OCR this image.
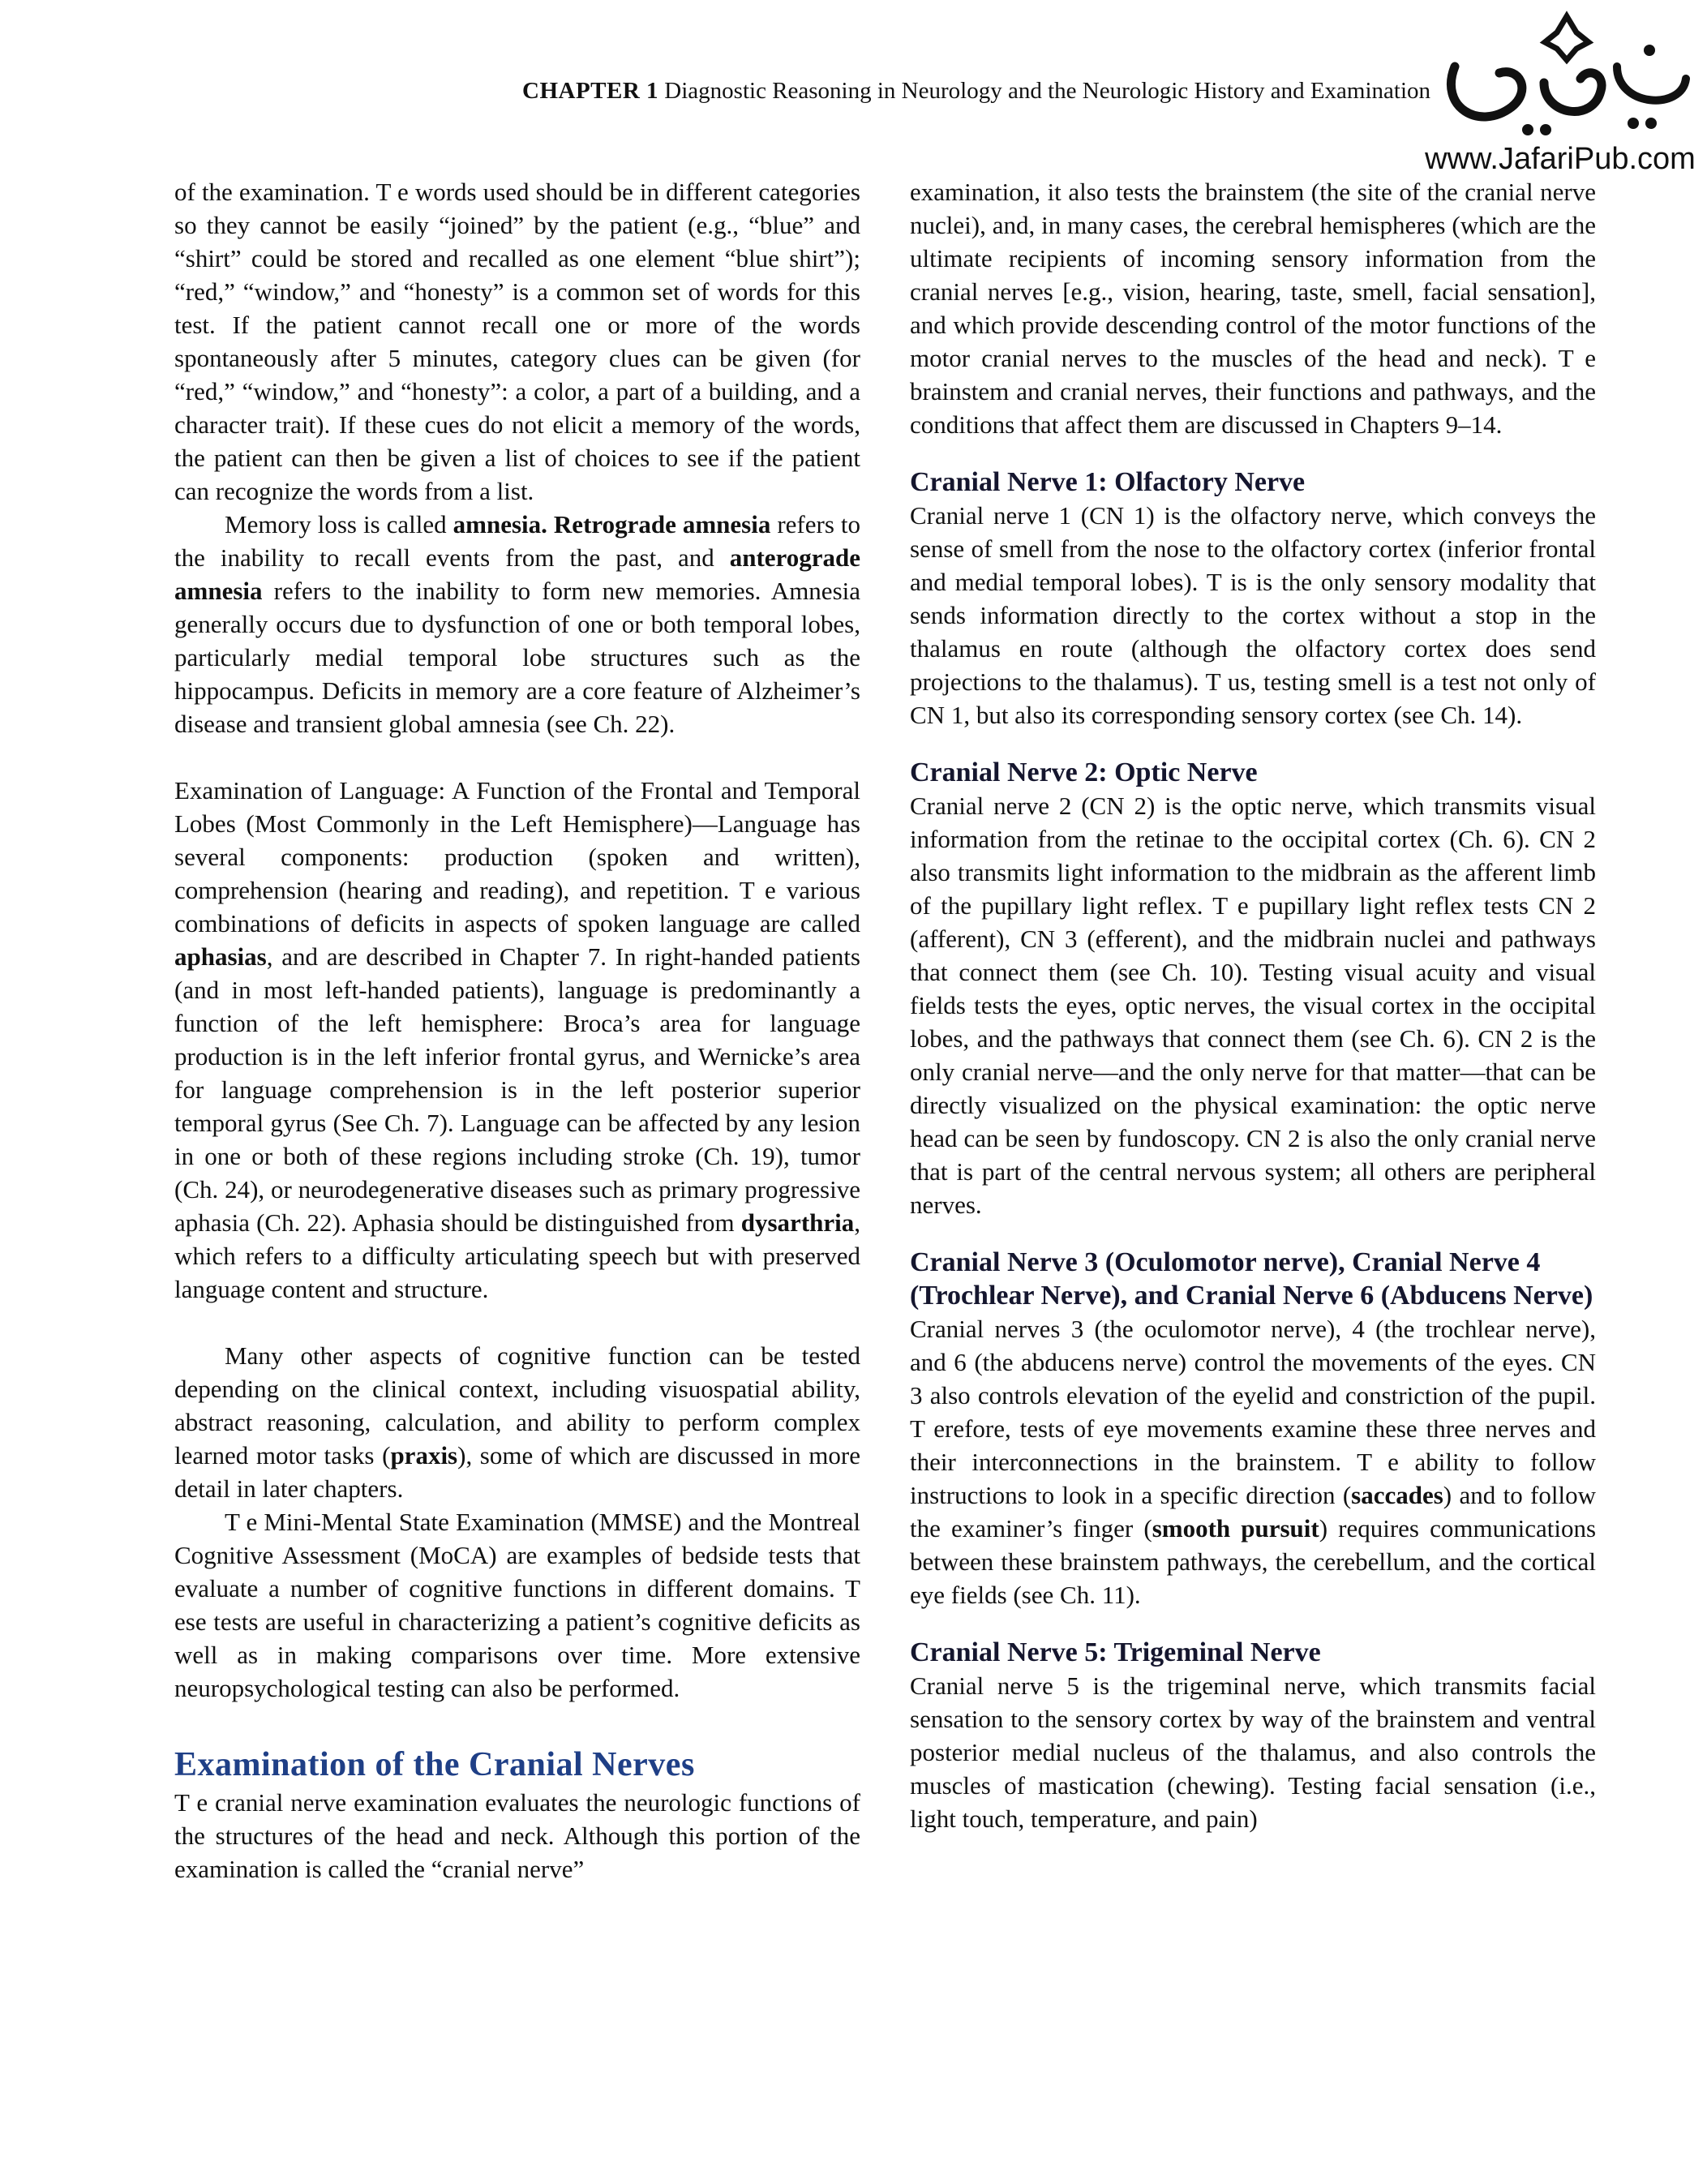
CHAPTER 1 Diagnostic Reasoning in Neurology and the Neurologic History and Examination
www.JafariPub.com

of the examination. T e words used should be in different categories so they cannot be easily “joined” by the patient (e.g., “blue” and “shirt” could be stored and recalled as one element “blue shirt”); “red,” “window,” and “honesty” is a common set of words for this test. If the patient cannot recall one or more of the words spontaneously after 5 minutes, category clues can be given (for “red,” “window,” and “honesty”: a color, a part of a building, and a character trait). If these cues do not elicit a memory of the words, the patient can then be given a list of choices to see if the patient can recognize the words from a list.

Memory loss is called amnesia. Retrograde amnesia refers to the inability to recall events from the past, and anterograde amnesia refers to the inability to form new memories. Amnesia generally occurs due to dysfunction of one or both temporal lobes, particularly medial temporal lobe structures such as the hippocampus. Deficits in memory are a core feature of Alzheimer’s disease and transient global amnesia (see Ch. 22).

Examination of Language: A Function of the Frontal and Temporal Lobes (Most Commonly in the Left Hemisphere)—Language has several components: production (spoken and written), comprehension (hearing and reading), and repetition. T e various combinations of deficits in aspects of spoken language are called aphasias, and are described in Chapter 7. In right-handed patients (and in most left-handed patients), language is predominantly a function of the left hemisphere: Broca’s area for language production is in the left inferior frontal gyrus, and Wernicke’s area for language comprehension is in the left posterior superior temporal gyrus (See Ch. 7). Language can be affected by any lesion in one or both of these regions including stroke (Ch. 19), tumor (Ch. 24), or neurodegenerative diseases such as primary progressive aphasia (Ch. 22). Aphasia should be distinguished from dysarthria, which refers to a difficulty articulating speech but with preserved language content and structure.

Many other aspects of cognitive function can be tested depending on the clinical context, including visuospatial ability, abstract reasoning, calculation, and ability to perform complex learned motor tasks (praxis), some of which are discussed in more detail in later chapters.

T e Mini-Mental State Examination (MMSE) and the Montreal Cognitive Assessment (MoCA) are examples of bedside tests that evaluate a number of cognitive functions in different domains. T ese tests are useful in characterizing a patient’s cognitive deficits as well as in making comparisons over time. More extensive neuropsychological testing can also be performed.

Examination of the Cranial Nerves

T e cranial nerve examination evaluates the neurologic functions of the structures of the head and neck. Although this portion of the examination is called the “cranial nerve”

examination, it also tests the brainstem (the site of the cranial nerve nuclei), and, in many cases, the cerebral hemispheres (which are the ultimate recipients of incoming sensory information from the cranial nerves [e.g., vision, hearing, taste, smell, facial sensation], and which provide descending control of the motor functions of the motor cranial nerves to the muscles of the head and neck). T e brainstem and cranial nerves, their functions and pathways, and the conditions that affect them are discussed in Chapters 9–14.

Cranial Nerve 1: Olfactory Nerve

Cranial nerve 1 (CN 1) is the olfactory nerve, which conveys the sense of smell from the nose to the olfactory cortex (inferior frontal and medial temporal lobes). T is is the only sensory modality that sends information directly to the cortex without a stop in the thalamus en route (although the olfactory cortex does send projections to the thalamus). T us, testing smell is a test not only of CN 1, but also its corresponding sensory cortex (see Ch. 14).

Cranial Nerve 2: Optic Nerve

Cranial nerve 2 (CN 2) is the optic nerve, which transmits visual information from the retinae to the occipital cortex (Ch. 6). CN 2 also transmits light information to the midbrain as the afferent limb of the pupillary light reflex. T e pupillary light reflex tests CN 2 (afferent), CN 3 (efferent), and the midbrain nuclei and pathways that connect them (see Ch. 10). Testing visual acuity and visual fields tests the eyes, optic nerves, the visual cortex in the occipital lobes, and the pathways that connect them (see Ch. 6). CN 2 is the only cranial nerve—and the only nerve for that matter—that can be directly visualized on the physical examination: the optic nerve head can be seen by fundoscopy. CN 2 is also the only cranial nerve that is part of the central nervous system; all others are peripheral nerves.

Cranial Nerve 3 (Oculomotor nerve), Cranial Nerve 4 (Trochlear Nerve), and Cranial Nerve 6 (Abducens Nerve)

Cranial nerves 3 (the oculomotor nerve), 4 (the trochlear nerve), and 6 (the abducens nerve) control the movements of the eyes. CN 3 also controls elevation of the eyelid and constriction of the pupil. T erefore, tests of eye movements examine these three nerves and their interconnections in the brainstem. T e ability to follow instructions to look in a specific direction (saccades) and to follow the examiner’s finger (smooth pursuit) requires communications between these brainstem pathways, the cerebellum, and the cortical eye fields (see Ch. 11).

Cranial Nerve 5: Trigeminal Nerve

Cranial nerve 5 is the trigeminal nerve, which transmits facial sensation to the sensory cortex by way of the brainstem and ventral posterior medial nucleus of the thalamus, and also controls the muscles of mastication (chewing). Testing facial sensation (i.e., light touch, temperature, and pain)
